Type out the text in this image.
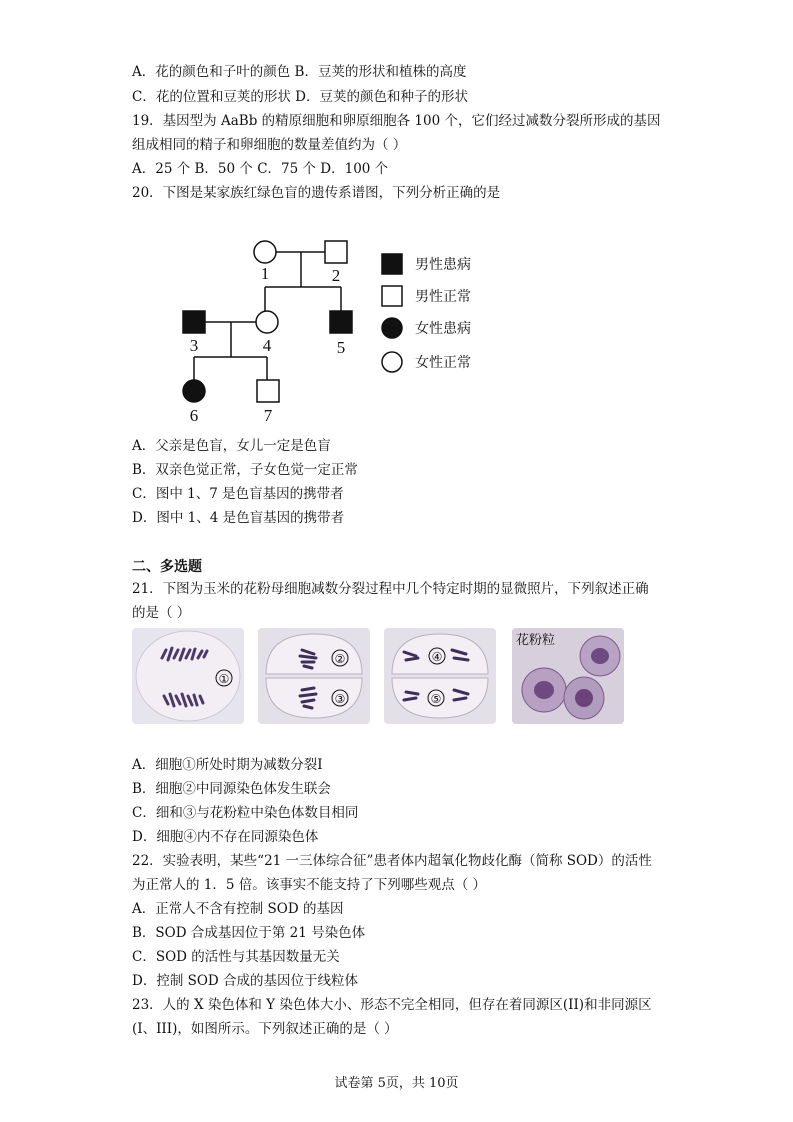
A．花的颜色和子叶的颜色 B．豆荚的形状和植株的高度
C．花的位置和豆荚的形状 D．豆荚的颜色和种子的形状
19．基因型为 AaBb 的精原细胞和卵原细胞各 100 个，它们经过减数分裂所形成的基因
组成相同的精子和卵细胞的数量差值约为（ ）
A．25 个 B．50 个 C．75 个 D．100 个
20．下图是某家族红绿色盲的遗传系谱图，下列分析正确的是
1	2
3	4	5
6	7
男性患病
男性正常
女性患病
女性正常
A．父亲是色盲，女儿一定是色盲
B．双亲色觉正常，子女色觉一定正常
C．图中 1、7 是色盲基因的携带者
D．图中 1、4 是色盲基因的携带者
二、多选题
21．下图为玉米的花粉母细胞减数分裂过程中几个特定时期的显微照片，下列叙述正确
的是（ ）
①
②
③
④
⑤
花粉粒
A．细胞①所处时期为减数分裂I
B．细胞②中同源染色体发生联会
C．细和③与花粉粒中染色体数目相同
D．细胞④内不存在同源染色体
22．实验表明，某些“21 一三体综合征”患者体内超氧化物歧化酶（简称 SOD）的活性
为正常人的 1．5 倍。该事实不能支持了下列哪些观点（ ）
A．正常人不含有控制 SOD 的基因
B．SOD 合成基因位于第 21 号染色体
C．SOD 的活性与其基因数量无关
D．控制 SOD 合成的基因位于线粒体
23．人的 X 染色体和 Y 染色体大小、形态不完全相同，但存在着同源区(II)和非同源区
(I、III)，如图所示。下列叙述正确的是（ ）
试卷第 5页，共 10页
